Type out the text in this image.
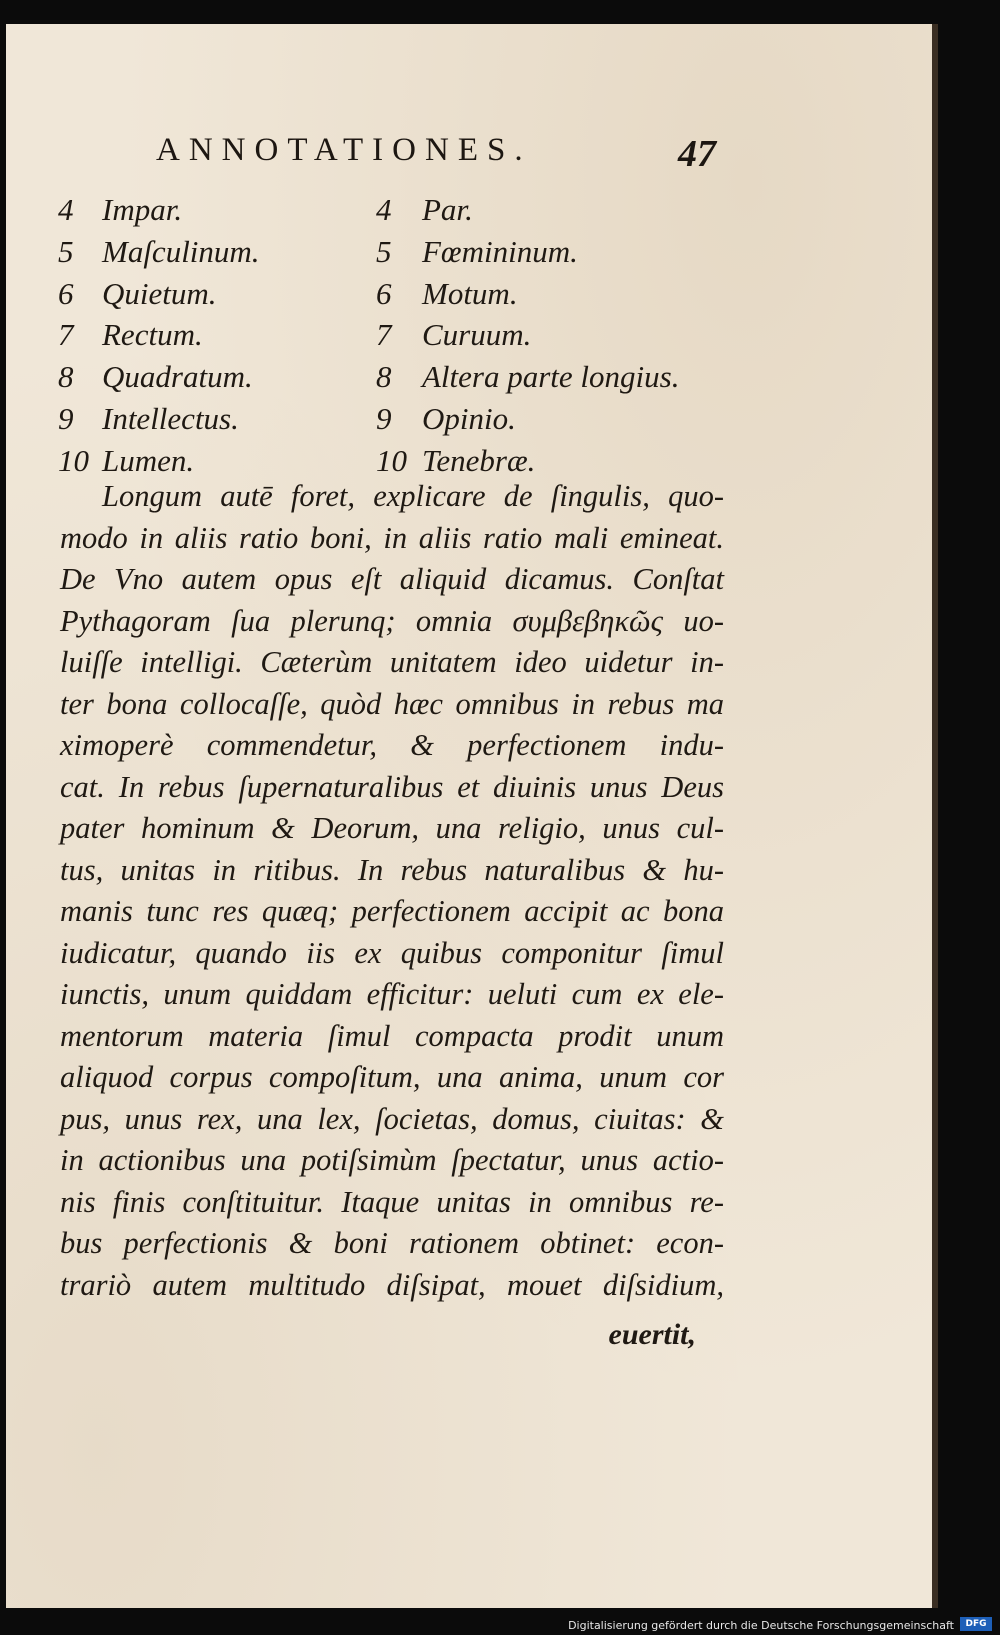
ANNOTATIONES.	47
4 Impar.	4 Par.
5 Maſculinum.	5 Fœmininum.
6 Quietum.	6 Motum.
7 Rectum.	7 Curuum.
8 Quadratum.	8 Altera parte longius.
9 Intellectus.	9 Opinio.
10 Lumen.	10 Tenebræ.
Longum autē foret, explicare de ſingulis, quo-
modo in aliis ratio boni, in aliis ratio mali emineat.
De Vno autem opus eſt aliquid dicamus. Conſtat
Pythagoram ſua plerunq; omnia συμβεβηκῶς uo-
luiſſe intelligi. Cæterùm unitatem ideo uidetur in-
ter bona collocaſſe, quòd hæc omnibus in rebus ma
ximoperè commendetur, & perfectionem indu-
cat. In rebus ſupernaturalibus et diuinis unus Deus
pater hominum & Deorum, una religio, unus cul-
tus, unitas in ritibus. In rebus naturalibus & hu-
manis tunc res quæq; perfectionem accipit ac bona
iudicatur, quando iis ex quibus componitur ſimul
iunctis, unum quiddam efficitur: ueluti cum ex ele-
mentorum materia ſimul compacta prodit unum
aliquod corpus compoſitum, una anima, unum cor
pus, unus rex, una lex, ſocietas, domus, ciuitas: &
in actionibus una potiſsimùm ſpectatur, unus actio-
nis finis conſtituitur. Itaque unitas in omnibus re-
bus perfectionis & boni rationem obtinet: econ-
trariò autem multitudo diſsipat, mouet diſsidium,
euertit,
Digitalisierung gefördert durch die Deutsche Forschungsgemeinschaft	DFG
